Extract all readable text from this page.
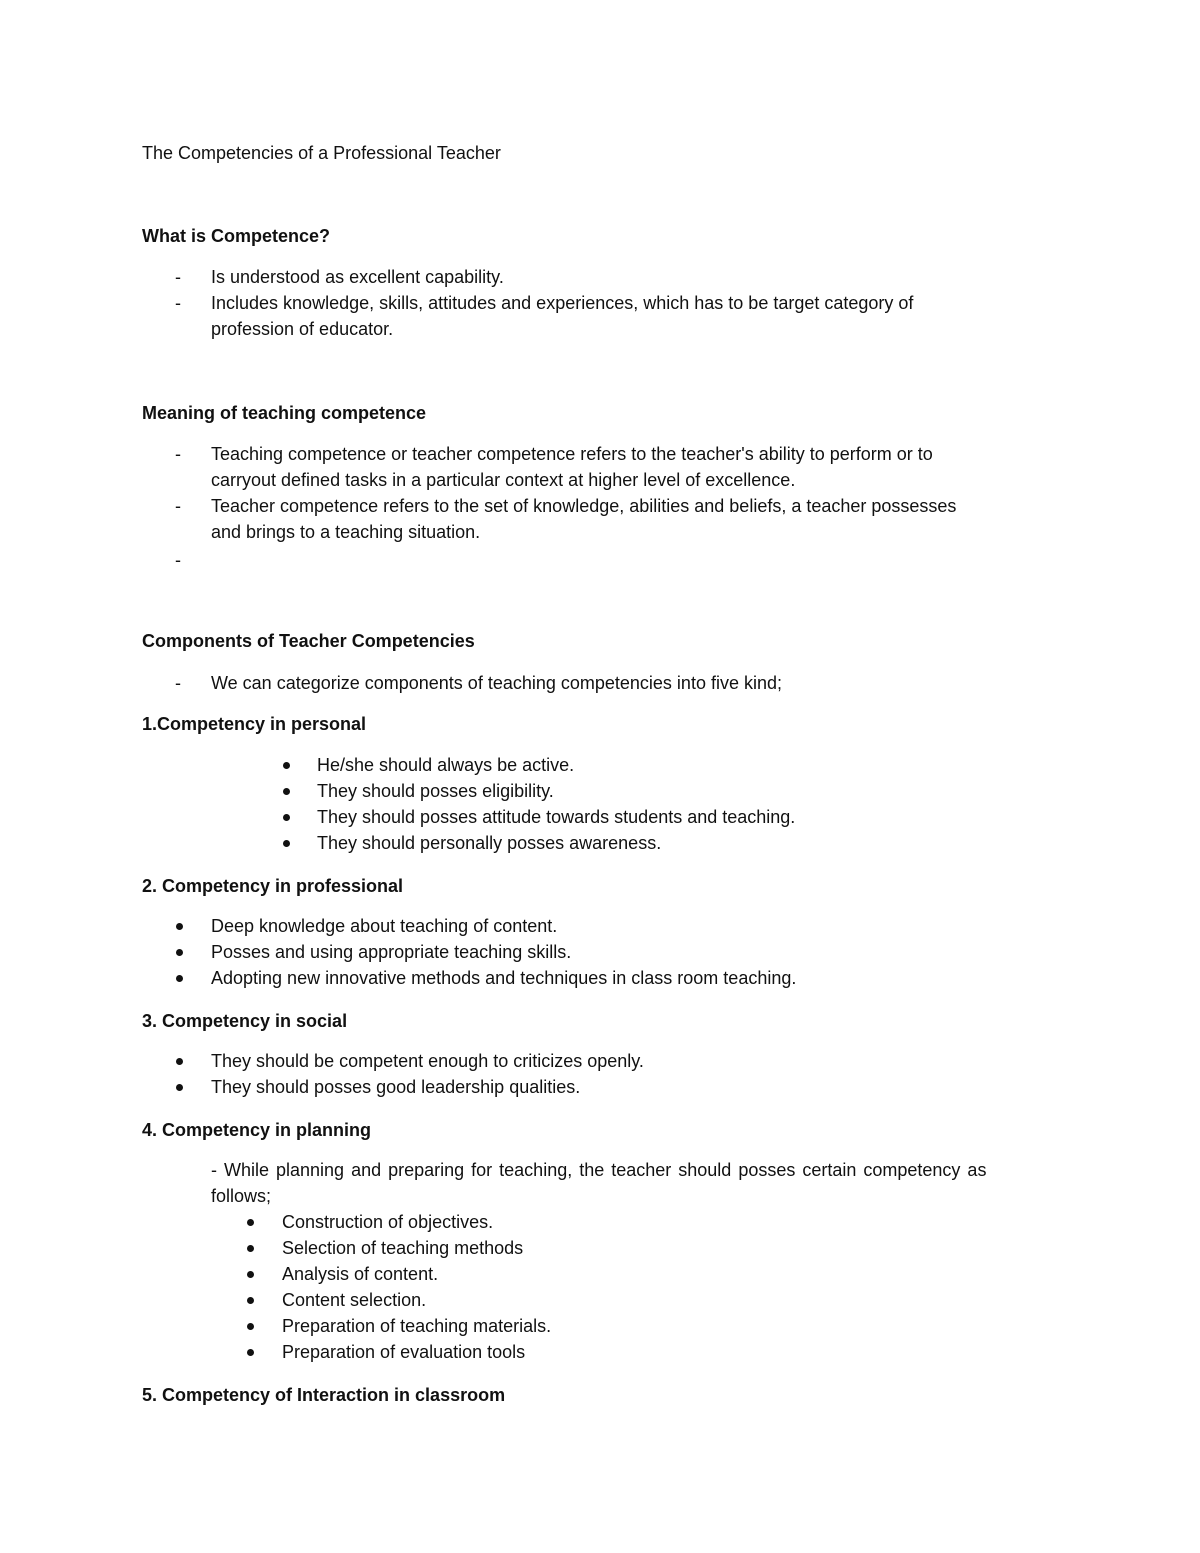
The Competencies of a Professional Teacher
What is Competence?
- Is understood as excellent capability.
- Includes knowledge, skills, attitudes and experiences, which has to be target category of
profession of educator.
Meaning of teaching competence
- Teaching competence or teacher competence refers to the teacher's ability to perform or to
carryout defined tasks in a particular context at higher level of excellence.
- Teacher competence refers to the set of knowledge, abilities and beliefs, a teacher possesses
and brings to a teaching situation.
-
Components of Teacher Competencies
- We can categorize components of teaching competencies into five kind;
1.Competency in personal
He/she should always be active.
They should posses eligibility.
They should posses attitude towards students and teaching.
They should personally posses awareness.
2. Competency in professional
Deep knowledge about teaching of content.
Posses and using appropriate teaching skills.
Adopting new innovative methods and techniques in class room teaching.
3. Competency in social
They should be competent enough to criticizes openly.
They should posses good leadership qualities.
4. Competency in planning
- While planning and preparing for teaching, the teacher should posses certain competency as
follows;
Construction of objectives.
Selection of teaching methods
Analysis of content.
Content selection.
Preparation of teaching materials.
Preparation of evaluation tools
5. Competency of Interaction in classroom
